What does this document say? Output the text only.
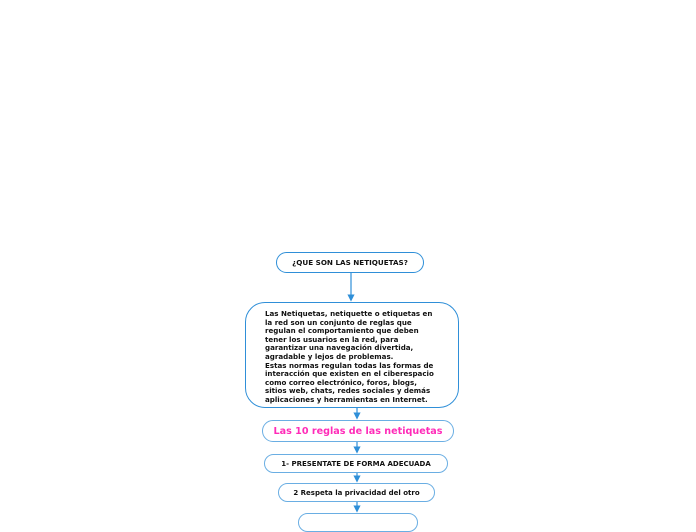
¿QUE SON LAS NETIQUETAS?

Las Netiquetas, netiquette o etiquetas en la red son un conjunto de reglas que regulan el comportamiento que deben tener los usuarios en la red, para garantizar una navegación divertida, agradable y lejos de problemas.

Estas normas regulan todas las formas de interacción que existen en el ciberespacio como correo electrónico, foros, blogs, sitios web, chats, redes sociales y demás aplicaciones y herramientas en Internet.

Las 10 reglas de las netiquetas
1- PRESENTATE DE FORMA ADECUADA
2 Respeta la privacidad del otro
